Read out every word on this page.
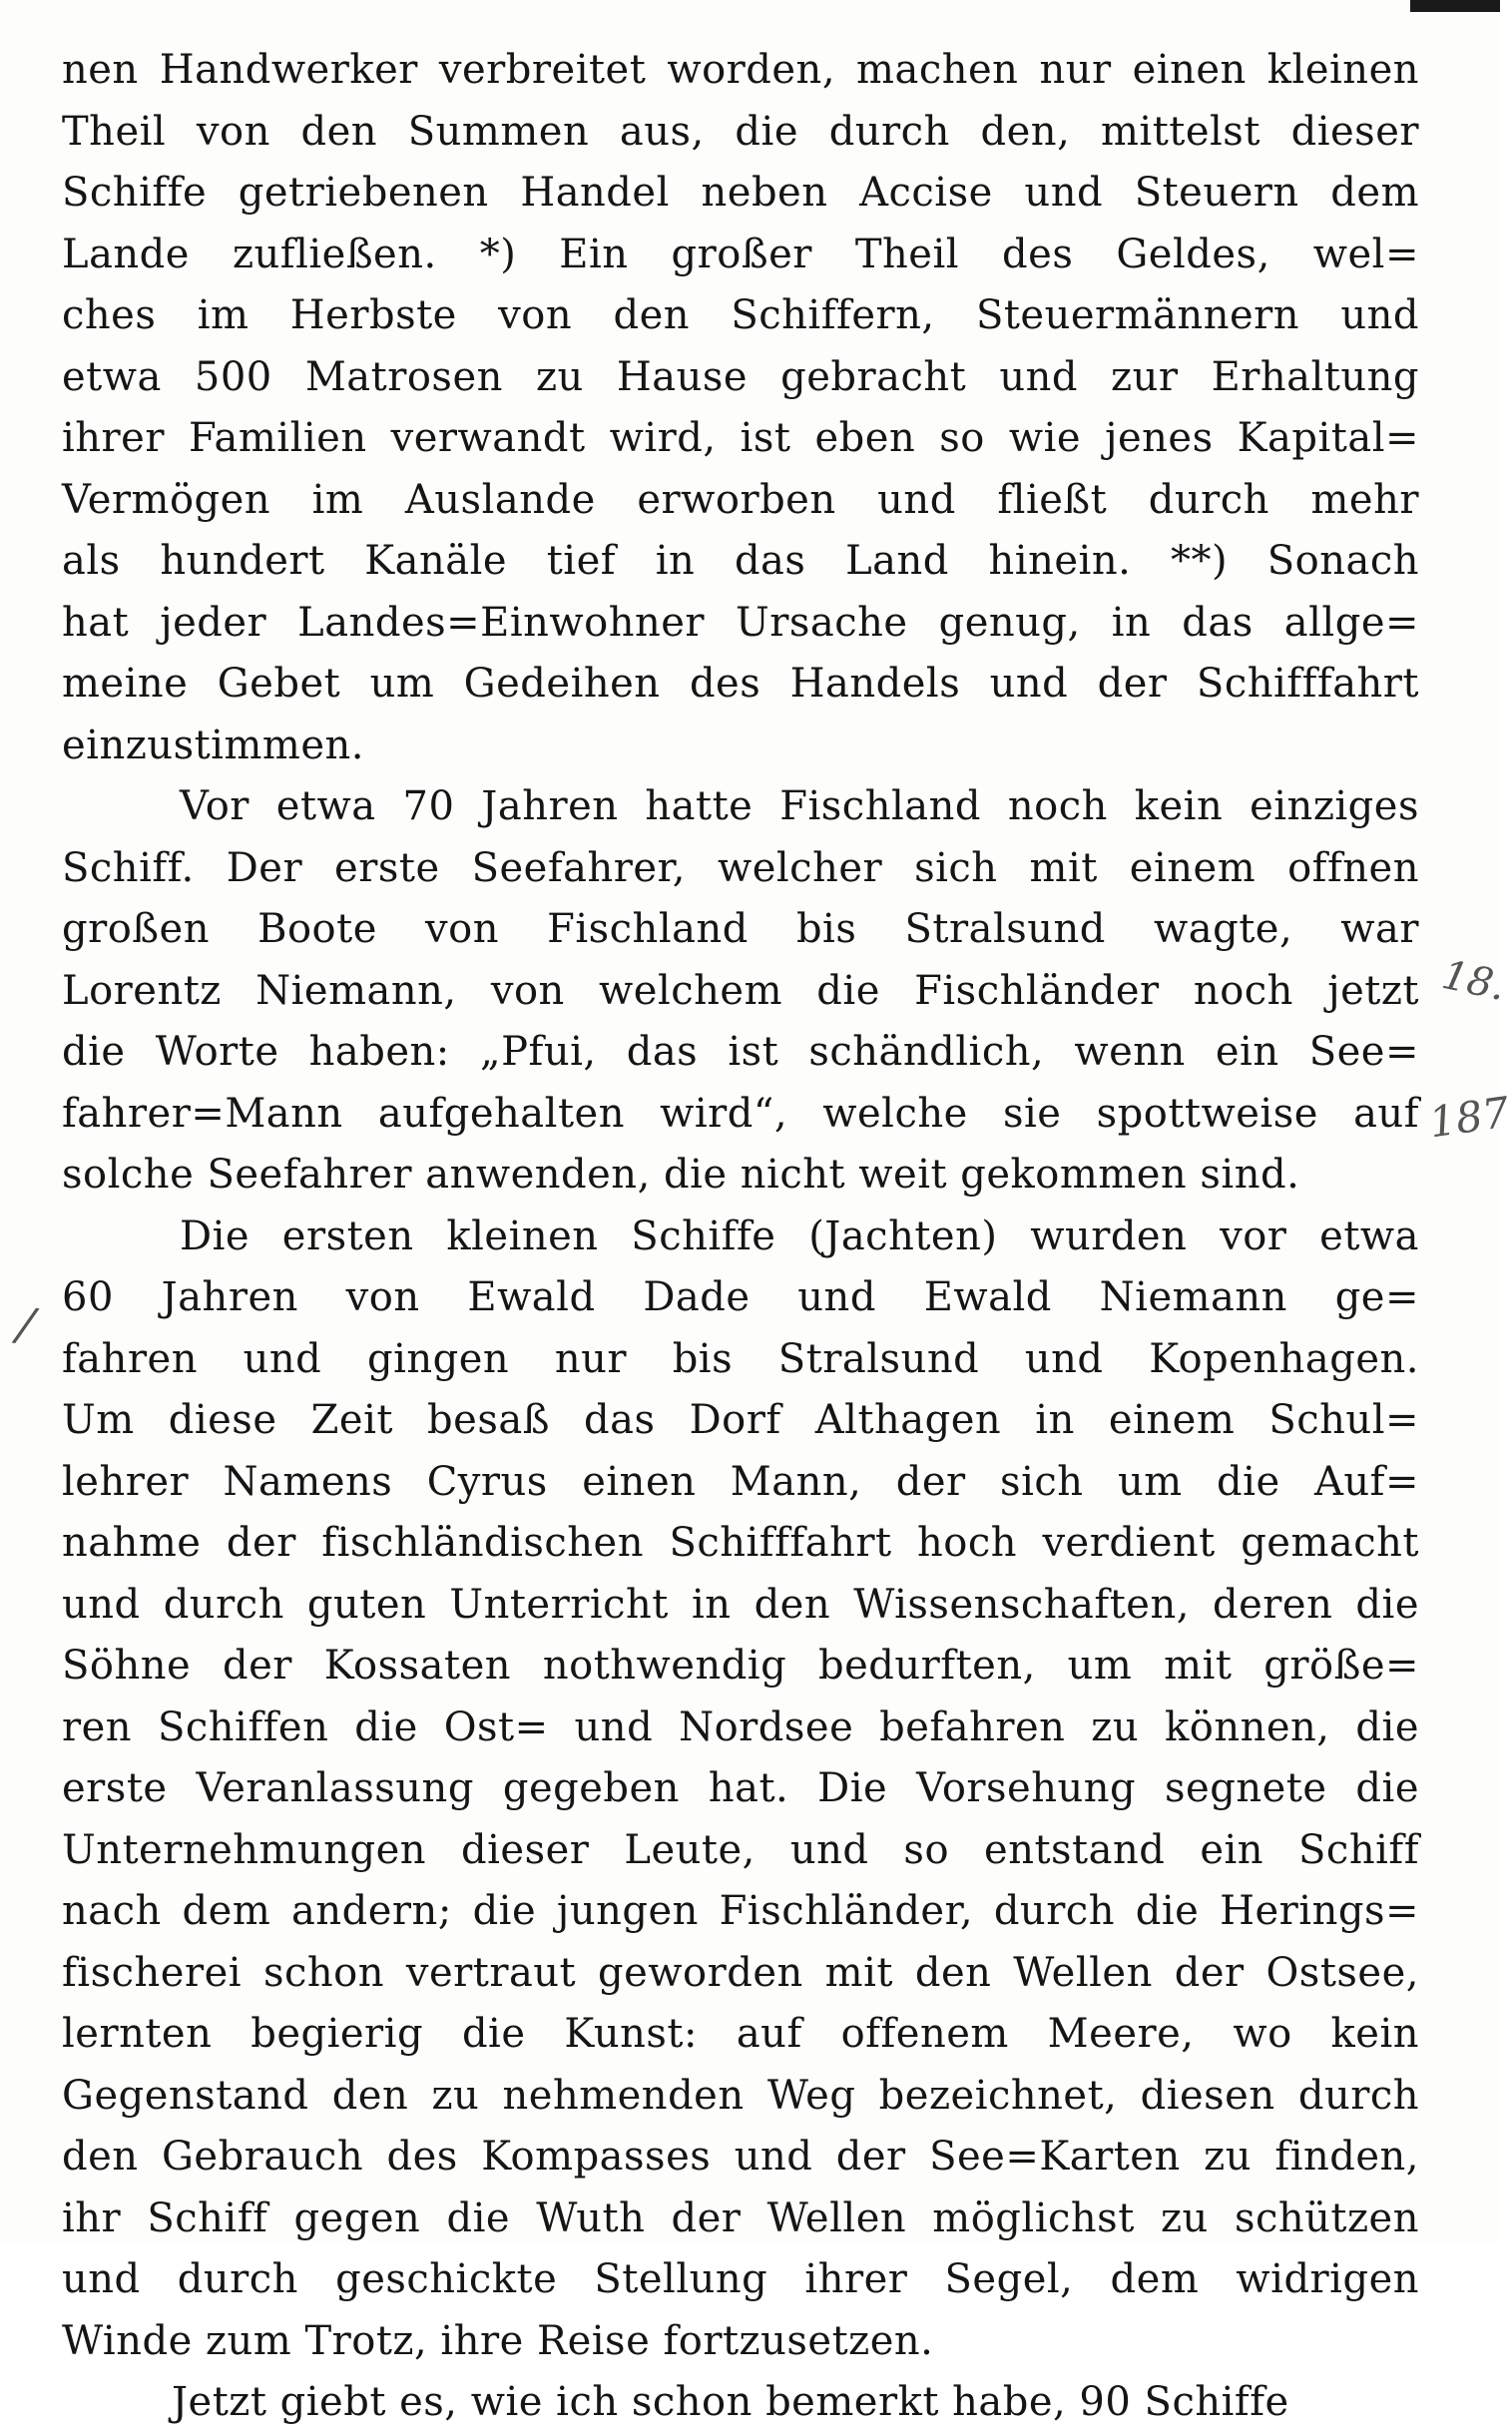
nen Handwerker verbreitet worden, machen nur einen kleinen
Theil von den Summen aus, die durch den, mittelst dieser
Schiffe getriebenen Handel neben Accise und Steuern dem
Lande zufließen. *) Ein großer Theil des Geldes, wel=
ches im Herbste von den Schiffern, Steuermännern und
etwa 500 Matrosen zu Hause gebracht und zur Erhaltung
ihrer Familien verwandt wird, ist eben so wie jenes Kapital=
Vermögen im Auslande erworben und fließt durch mehr
als hundert Kanäle tief in das Land hinein. **) Sonach
hat jeder Landes=Einwohner Ursache genug, in das allge=
meine Gebet um Gedeihen des Handels und der Schifffahrt
einzustimmen.
Vor etwa 70 Jahren hatte Fischland noch kein einziges
Schiff. Der erste Seefahrer, welcher sich mit einem offnen
großen Boote von Fischland bis Stralsund wagte, war
Lorentz Niemann, von welchem die Fischländer noch jetzt
die Worte haben: „Pfui, das ist schändlich, wenn ein See=
fahrer=Mann aufgehalten wird“, welche sie spottweise auf
solche Seefahrer anwenden, die nicht weit gekommen sind.
Die ersten kleinen Schiffe (Jachten) wurden vor etwa
60 Jahren von Ewald Dade und Ewald Niemann ge=
fahren und gingen nur bis Stralsund und Kopenhagen.
Um diese Zeit besaß das Dorf Althagen in einem Schul=
lehrer Namens Cyrus einen Mann, der sich um die Auf=
nahme der fischländischen Schifffahrt hoch verdient gemacht
und durch guten Unterricht in den Wissenschaften, deren die
Söhne der Kossaten nothwendig bedurften, um mit größe=
ren Schiffen die Ost= und Nordsee befahren zu können, die
erste Veranlassung gegeben hat. Die Vorsehung segnete die
Unternehmungen dieser Leute, und so entstand ein Schiff
nach dem andern; die jungen Fischländer, durch die Herings=
fischerei schon vertraut geworden mit den Wellen der Ostsee,
lernten begierig die Kunst: auf offenem Meere, wo kein
Gegenstand den zu nehmenden Weg bezeichnet, diesen durch
den Gebrauch des Kompasses und der See=Karten zu finden,
ihr Schiff gegen die Wuth der Wellen möglichst zu schützen
und durch geschickte Stellung ihrer Segel, dem widrigen
Winde zum Trotz, ihre Reise fortzusetzen.
Jetzt giebt es, wie ich schon bemerkt habe, 90 Schiffe
18.
187
/
